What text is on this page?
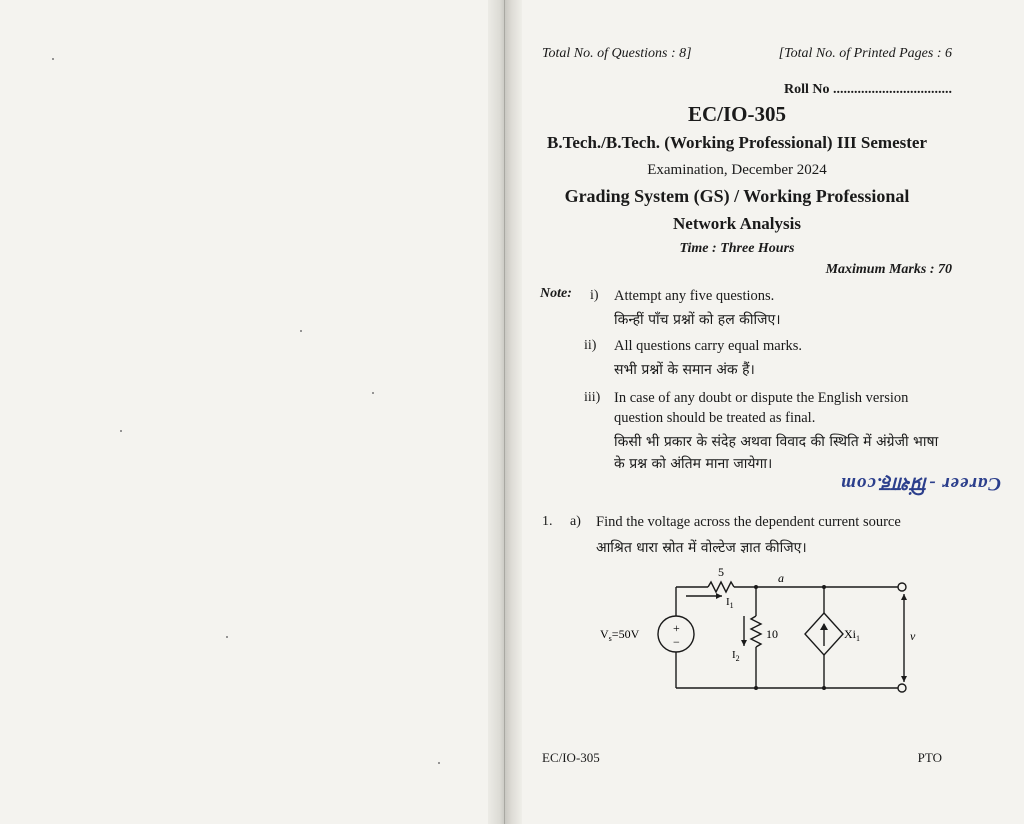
Total No. of Questions : 8]	[Total No. of Printed Pages : 6
Roll No ..................................
EC/IO-305
B.Tech./B.Tech. (Working Professional) III Semester
Examination, December 2024
Grading System (GS) / Working Professional
Network Analysis
Time : Three Hours
Maximum Marks : 70
Note: i) Attempt any five questions.
किन्हीं पाँच प्रश्नों को हल कीजिए।
ii) All questions carry equal marks.
सभी प्रश्नों के समान अंक हैं।
iii) In case of any doubt or dispute the English version
question should be treated as final.
किसी भी प्रकार के संदेह अथवा विवाद की स्थिति में अंग्रेजी भाषा
के प्रश्न को अंतिम माना जायेगा।
Career -प्रिंशाह.com
1. a) Find the voltage across the dependent current source
आश्रित धारा स्रोत में वोल्टेज ज्ञात कीजिए।
5	a
$I_1$
+
−
$V_s=50V$
$I_2$
10	$Xi_1$	v
EC/IO-305	PTO
